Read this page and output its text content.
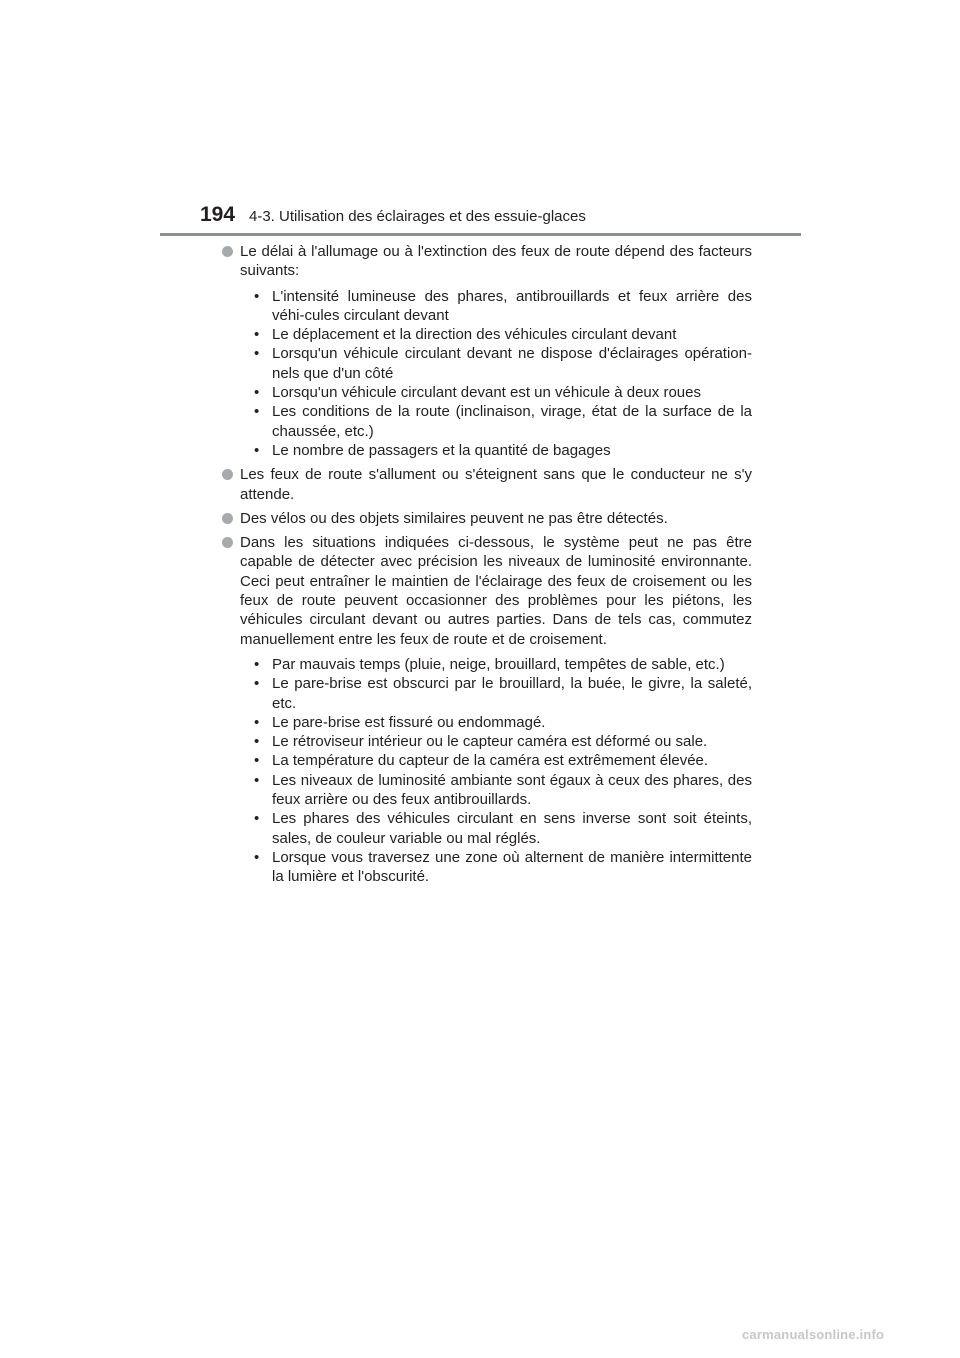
194 4-3. Utilisation des éclairages et des essuie-glaces
Le délai à l'allumage ou à l'extinction des feux de route dépend des facteurs suivants:
• L'intensité lumineuse des phares, antibrouillards et feux arrière des véhi-cules circulant devant
• Le déplacement et la direction des véhicules circulant devant
• Lorsqu'un véhicule circulant devant ne dispose d'éclairages opération-nels que d'un côté
• Lorsqu'un véhicule circulant devant est un véhicule à deux roues
• Les conditions de la route (inclinaison, virage, état de la surface de la chaussée, etc.)
• Le nombre de passagers et la quantité de bagages
Les feux de route s'allument ou s'éteignent sans que le conducteur ne s'y attende.
Des vélos ou des objets similaires peuvent ne pas être détectés.
Dans les situations indiquées ci-dessous, le système peut ne pas être capable de détecter avec précision les niveaux de luminosité environnante. Ceci peut entraîner le maintien de l'éclairage des feux de croisement ou les feux de route peuvent occasionner des problèmes pour les piétons, les véhicules circulant devant ou autres parties. Dans de tels cas, commutez manuellement entre les feux de route et de croisement.
• Par mauvais temps (pluie, neige, brouillard, tempêtes de sable, etc.)
• Le pare-brise est obscurci par le brouillard, la buée, le givre, la saleté, etc.
• Le pare-brise est fissuré ou endommagé.
• Le rétroviseur intérieur ou le capteur caméra est déformé ou sale.
• La température du capteur de la caméra est extrêmement élevée.
• Les niveaux de luminosité ambiante sont égaux à ceux des phares, des feux arrière ou des feux antibrouillards.
• Les phares des véhicules circulant en sens inverse sont soit éteints, sales, de couleur variable ou mal réglés.
• Lorsque vous traversez une zone où alternent de manière intermittente la lumière et l'obscurité.
carmanualsonline.info
